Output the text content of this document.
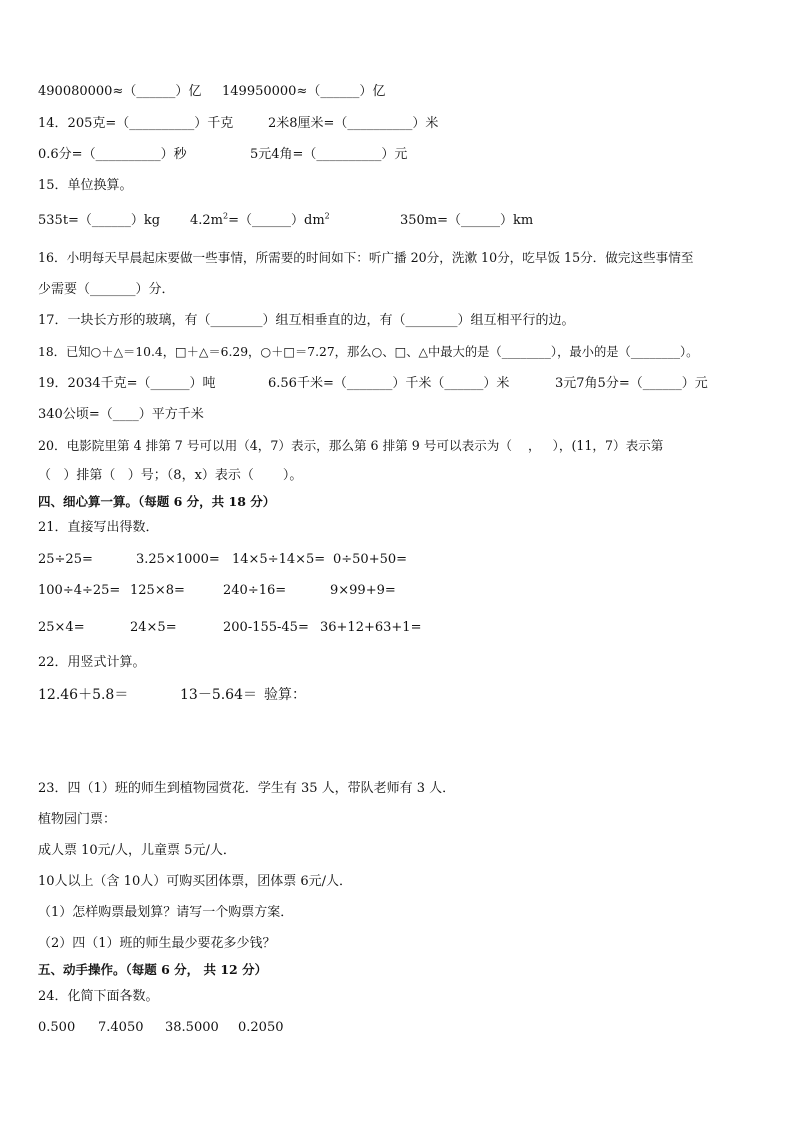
490080000≈（______）亿 149950000≈（______）亿
14．205克=（__________）千克	2米8厘米=（__________）米
0.6分=（__________）秒	5元4角=（__________）元
15．单位换算。
535t=（______）kg $4.2m^2=(\_\_\_\_\_\_)dm^2$	350m=（______）km
16．小明每天早晨起床要做一些事情，所需要的时间如下：听广播 20分，洗漱 10分，吃早饭 15分．做完这些事情至
少需要（_______）分．
17．一块长方形的玻璃，有（________）组互相垂直的边，有（________）组互相平行的边。
18．已知○＋△＝10.4，□＋△＝6.29，○＋□＝7.27，那么○、□、△中最大的是（________），最小的是（________）。
19．2034千克=（______）吨	6.56千米=（_______）千米（______）米	3元7角5分=（______）元
340公顷=（____）平方千米
20．电影院里第 4 排第 7 号可以用（4，7）表示，那么第 6 排第 9 号可以表示为（    ，   ），(11，7）表示第
（   ）排第（   ）号；（8，x）表示（       ）。
四、细心算一算。（每题 6 分，共 18 分）
21．直接写出得数．
25÷25=	3.25×1000= 14×5÷14×5= 0÷50+50=
100÷4÷25= 125×8=	240÷16=	9×99+9=
25×4=	24×5=	200-155-45= 36+12+63+1=
22．用竖式计算。
12.46＋5.8＝	13－5.64＝ 验算：
23．四（1）班的师生到植物园赏花．学生有 35 人，带队老师有 3 人．
植物园门票：
成人票 10元/人，儿童票 5元/人．
10人以上（含 10人）可购买团体票，团体票 6元/人．
（1）怎样购票最划算？请写一个购票方案．
（2）四（1）班的师生最少要花多少钱？
五、动手操作。（每题 6 分， 共 12 分）
24．化简下面各数。
0.500 7.4050 38.5000 0.2050
